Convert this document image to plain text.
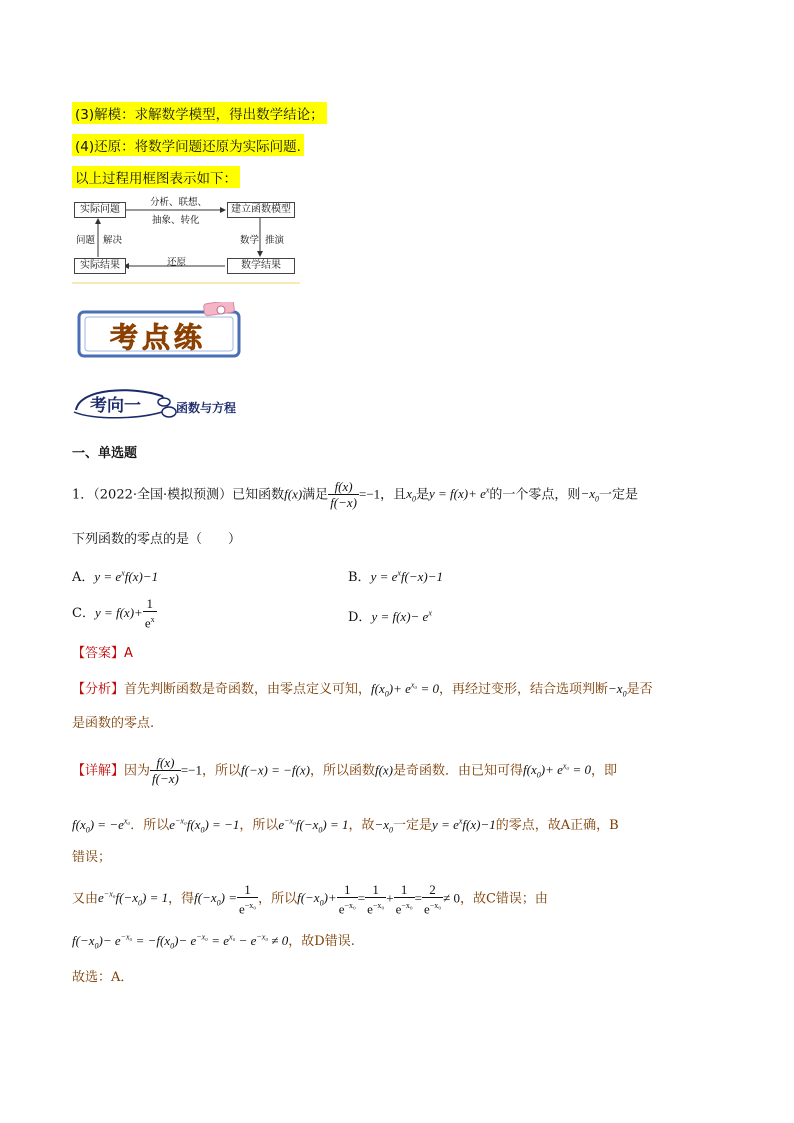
(3)解模：求解数学模型，得出数学结论；
(4)还原：将数学问题还原为实际问题.
以上过程用框图表示如下：
实际问题	建立函数模型
实际结果	数学结果
分析、联想、
抽象、转化
数学 推演
问题 解决
还原
考点练
考向一	函数与方程
一、单选题
1．（2022·全国·模拟预测）已知函数f(x)满足 $\frac{f(x)}{f(-x)} =-1$，且$x_0$是$y = f(x)+ e^x$的一个零点，则$-x_0$一定是
下列函数的零点的是（　　）
A．$y = e^xf(x)-1$	B．$y = e^xf(-x)-1$
C．$y = f(x)+ \frac{1}{e^x}$	D．$y = f(x)- e^x$
【答案】A
【分析】首先判断函数是奇函数，由零点定义可知，$f(x_0)+ e^{x_0} = 0$，再经过变形，结合选项判断$-x_0$是否
是函数的零点.
【详解】因为 $\frac{f(x)}{f(-x)} =-1$，所以f(−x) = −f(x)，所以函数f(x)是奇函数．由已知可得$f(x_0)+ e^{x_0} = 0$，即
$f(x_0) = -e^{x_0}$．所以$e^{-x_0}f(x_0) = -1$，所以$e^{-x_0}f(-x_0) = 1$，故$-x_0$一定是$y = e^xf(x)-1$的零点，故A正确，B
错误；
又由$e^{-x_0}f(-x_0) = 1$，得$f(-x_0) = \frac{1}{e^{-x_0}}$ ，所以$f(-x_0)+ \frac{1}{e^{-x_0}} = \frac{1}{e^{-x_0}} + \frac{1}{e^{-x_0}} = \frac{2}{e^{-x_0}} \ne 0$，故C错误；由
$f(-x_0)- e^{-x_0} = -f(x_0)- e^{-x_0} = e^{x_0} - e^{-x_0} \ne 0$，故D错误.
故选：A．
